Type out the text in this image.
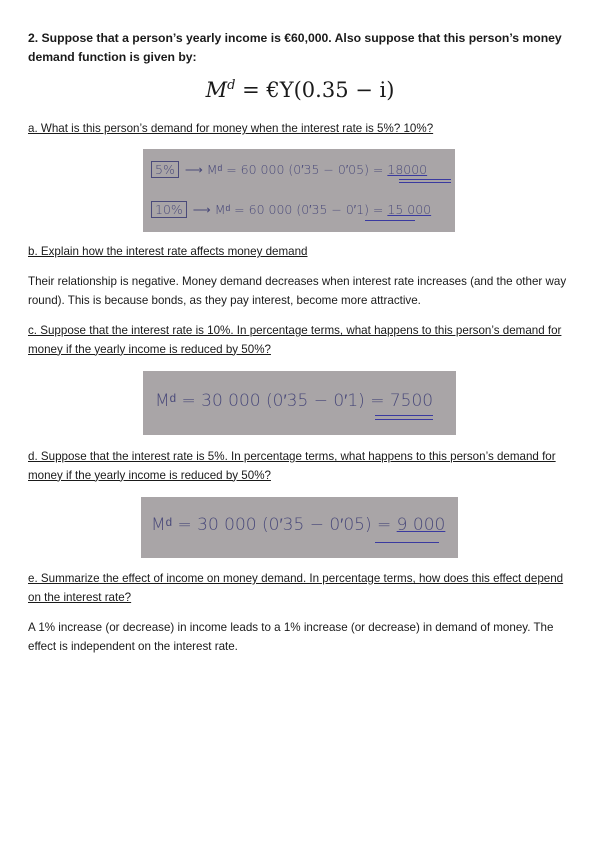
2. Suppose that a person’s yearly income is €60,000. Also suppose that this person’s money demand function is given by:
$M^d$ = €Y(0.35 − i)
a. What is this person’s demand for money when the interest rate is 5%? 10%?
5% ⟶ Mᵈ = 60 000 (0′35 − 0′05) = 18000
10% ⟶ Mᵈ = 60 000 (0′35 − 0′1) = 15 000
b. Explain how the interest rate affects money demand
Their relationship is negative. Money demand decreases when interest rate increases (and the other way round). This is because bonds, as they pay interest, become more attractive.
c. Suppose that the interest rate is 10%. In percentage terms, what happens to this person’s demand for money if the yearly income is reduced by 50%?
Mᵈ = 30 000 (0′35 − 0′1) = 7500
d. Suppose that the interest rate is 5%. In percentage terms, what happens to this person’s demand for money if the yearly income is reduced by 50%?
Mᵈ = 30 000 (0′35 − 0′05) = 9 000
e. Summarize the effect of income on money demand. In percentage terms, how does this effect depend on the interest rate?
A 1% increase (or decrease) in income leads to a 1% increase (or decrease) in demand of money. The effect is independent on the interest rate.
